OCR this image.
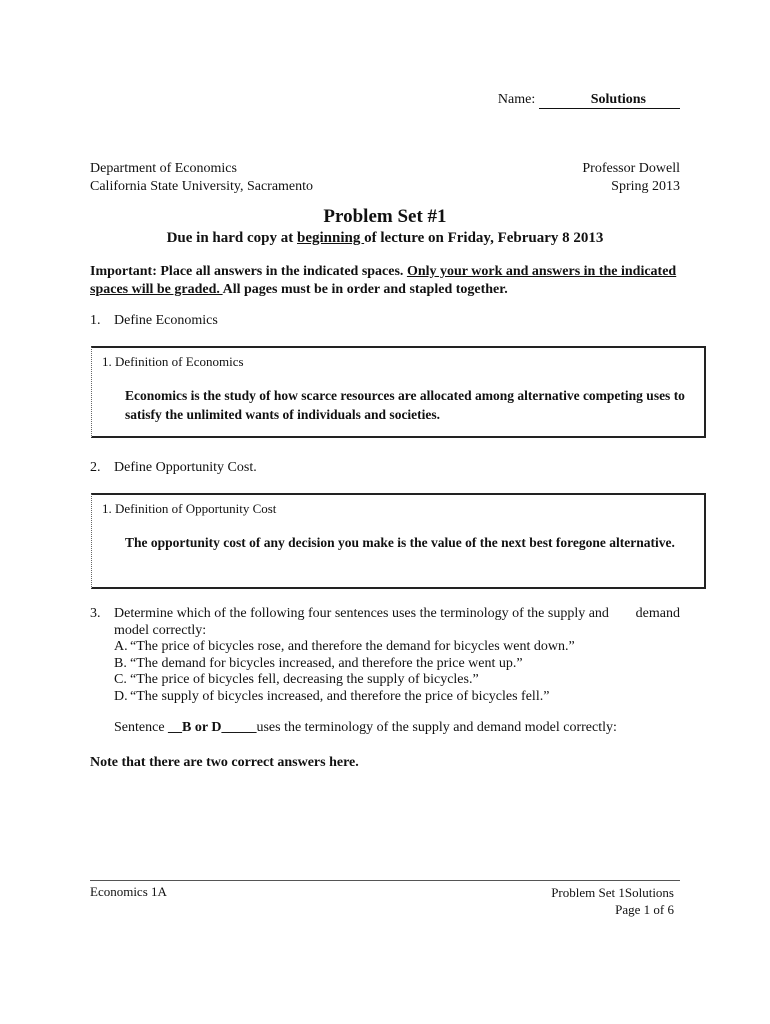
Name:	Solutions
Department of Economics
California State University, Sacramento
Professor Dowell
Spring 2013
Problem Set #1
Due in hard copy at beginning of lecture on Friday, February 8 2013
Important: Place all answers in the indicated spaces. Only your work and answers in the indicated spaces will be graded. All pages must be in order and stapled together.
1. Define Economics
1. Definition of Economics
Economics is the study of how scarce resources are allocated among alternative competing uses to satisfy the unlimited wants of individuals and societies.
2. Define Opportunity Cost.
1. Definition of Opportunity Cost
The opportunity cost of any decision you make is the value of the next best foregone alternative.
3. Determine which of the following four sentences uses the terminology of the supply and demand
model correctly:
A. “The price of bicycles rose, and therefore the demand for bicycles went down.”
B. “The demand for bicycles increased, and therefore the price went up.”
C. “The price of bicycles fell, decreasing the supply of bicycles.”
D. “The supply of bicycles increased, and therefore the price of bicycles fell.”
Sentence __B or D_____uses the terminology of the supply and demand model correctly:
Note that there are two correct answers here.
Economics 1A	Problem Set 1Solutions
Page 1 of 6
